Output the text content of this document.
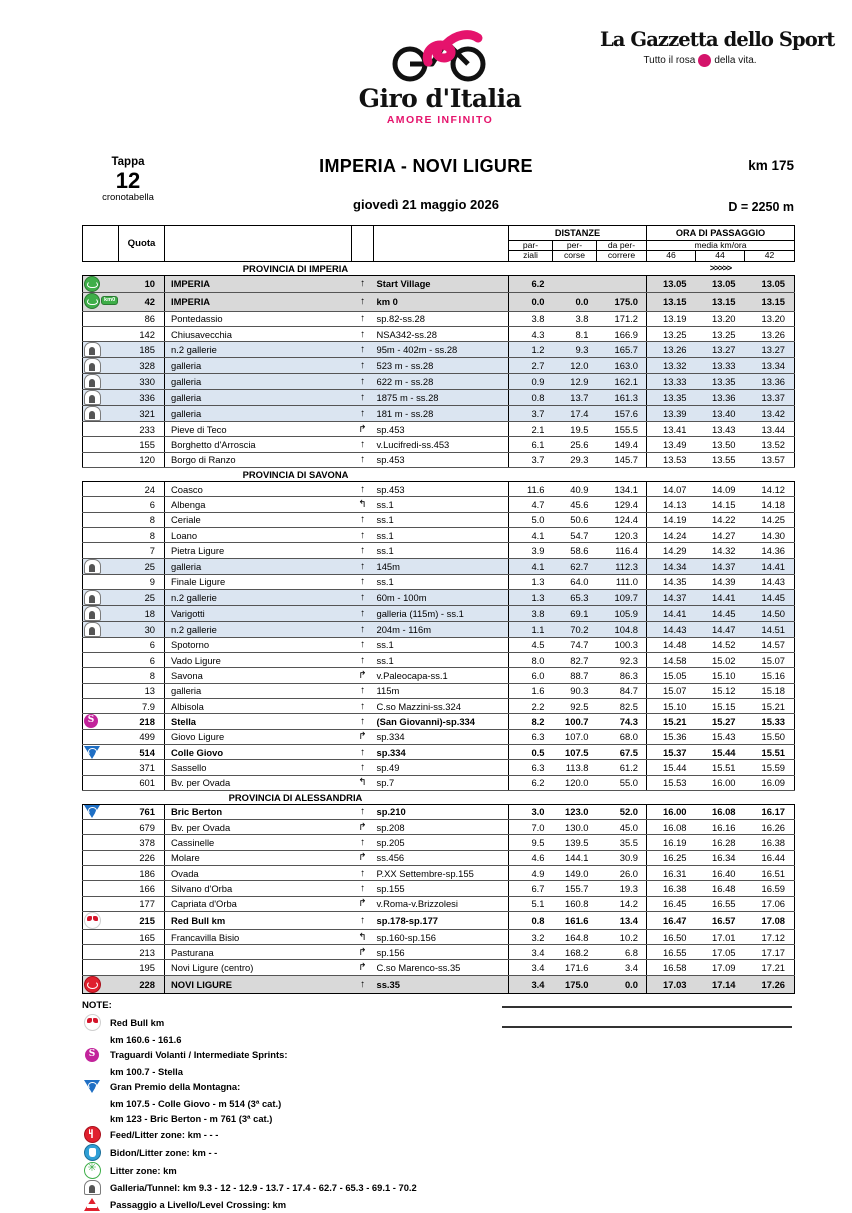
Giro d'Italia
AMORE INFINITO
La Gazzetta dello Sport
Tutto il rosa della vita.
Tappa
12
cronotabella
IMPERIA - NOVI LIGURE
giovedì 21 maggio 2026
km 175
D = 2250 m
	Quota				DISTANZE			ORA DI PASSAGGIO		
					par-	per-	da per-	media km/ora		
					ziali	corse	correre	46	44	42
PROVINCIA DI IMPERIA								>>>>>		
	10	IMPERIA	↑	Start Village	6.2			13.05	13.05	13.05

km0	42	IMPERIA	↑	km 0	0.0	0.0	175.0	13.15	13.15	13.15
	86	Pontedassio	↑	sp.82-ss.28	3.8	3.8	171.2	13.19	13.20	13.20
	142	Chiusavecchia	↑	NSA342-ss.28	4.3	8.1	166.9	13.25	13.25	13.26
	185	n.2 gallerie	↑	95m - 402m - ss.28	1.2	9.3	165.7	13.26	13.27	13.27
	328	galleria	↑	523 m - ss.28	2.7	12.0	163.0	13.32	13.33	13.34
	330	galleria	↑	622 m - ss.28	0.9	12.9	162.1	13.33	13.35	13.36
	336	galleria	↑	1875 m - ss.28	0.8	13.7	161.3	13.35	13.36	13.37
	321	galleria	↑	181 m - ss.28	3.7	17.4	157.6	13.39	13.40	13.42
	233	Pieve di Teco	↱	sp.453	2.1	19.5	155.5	13.41	13.43	13.44
	155	Borghetto d'Arroscia	↑	v.Lucifredi-ss.453	6.1	25.6	149.4	13.49	13.50	13.52
	120	Borgo di Ranzo	↑	sp.453	3.7	29.3	145.7	13.53	13.55	13.57
PROVINCIA DI SAVONA										
	24	Coasco	↑	sp.453	11.6	40.9	134.1	14.07	14.09	14.12
	6	Albenga	↰	ss.1	4.7	45.6	129.4	14.13	14.15	14.18
	8	Ceriale	↑	ss.1	5.0	50.6	124.4	14.19	14.22	14.25
	8	Loano	↑	ss.1	4.1	54.7	120.3	14.24	14.27	14.30
	7	Pietra Ligure	↑	ss.1	3.9	58.6	116.4	14.29	14.32	14.36
	25	galleria	↑	145m	4.1	62.7	112.3	14.34	14.37	14.41
	9	Finale Ligure	↑	ss.1	1.3	64.0	111.0	14.35	14.39	14.43
	25	n.2 gallerie	↑	60m - 100m	1.3	65.3	109.7	14.37	14.41	14.45
	18	Varigotti	↑	galleria (115m) - ss.1	3.8	69.1	105.9	14.41	14.45	14.50
	30	n.2 gallerie	↑	204m - 116m	1.1	70.2	104.8	14.43	14.47	14.51
	6	Spotorno	↑	ss.1	4.5	74.7	100.3	14.48	14.52	14.57
	6	Vado Ligure	↑	ss.1	8.0	82.7	92.3	14.58	15.02	15.07
	8	Savona	↱	v.Paleocapa-ss.1	6.0	88.7	86.3	15.05	15.10	15.16
	13	galleria	↑	115m	1.6	90.3	84.7	15.07	15.12	15.18
	7.9	Albisola	↑	C.so Mazzini-ss.324	2.2	92.5	82.5	15.10	15.15	15.21
S	218	Stella	↑	(San Giovanni)-sp.334	8.2	100.7	74.3	15.21	15.27	15.33
	499	Giovo Ligure	↱	sp.334	6.3	107.0	68.0	15.36	15.43	15.50
	514	Colle Giovo	↑	sp.334	0.5	107.5	67.5	15.37	15.44	15.51
	371	Sassello	↑	sp.49	6.3	113.8	61.2	15.44	15.51	15.59
	601	Bv. per Ovada	↰	sp.7	6.2	120.0	55.0	15.53	16.00	16.09
PROVINCIA DI ALESSANDRIA										
	761	Bric Berton	↑	sp.210	3.0	123.0	52.0	16.00	16.08	16.17
	679	Bv. per Ovada	↱	sp.208	7.0	130.0	45.0	16.08	16.16	16.26
	378	Cassinelle	↑	sp.205	9.5	139.5	35.5	16.19	16.28	16.38
	226	Molare	↱	ss.456	4.6	144.1	30.9	16.25	16.34	16.44
	186	Ovada	↑	P.XX Settembre-sp.155	4.9	149.0	26.0	16.31	16.40	16.51
	166	Silvano d'Orba	↑	sp.155	6.7	155.7	19.3	16.38	16.48	16.59
	177	Capriata d'Orba	↱	v.Roma-v.Brizzolesi	5.1	160.8	14.2	16.45	16.55	17.06
	215	Red Bull km	↑	sp.178-sp.177	0.8	161.6	13.4	16.47	16.57	17.08
	165	Francavilla Bisio	↰	sp.160-sp.156	3.2	164.8	10.2	16.50	17.01	17.12
	213	Pasturana	↱	sp.156	3.4	168.2	6.8	16.55	17.05	17.17
	195	Novi Ligure (centro)	↱	C.so Marenco-ss.35	3.4	171.6	3.4	16.58	17.09	17.21
	228	NOVI LIGURE	↑	ss.35	3.4	175.0	0.0	17.03	17.14	17.26
NOTE:
Red Bull km
km 160.6 - 161.6
S	Traguardi Volanti / Intermediate Sprints:
km 100.7 - Stella
Gran Premio della Montagna:
km 107.5 - Colle Giovo - m 514 (3ª cat.)
km 123 - Bric Berton - m 761 (3ª cat.)
Feed/Litter zone: km - - -
Bidon/Litter zone: km - -
✳
Litter zone: km
Galleria/Tunnel: km 9.3 - 12 - 12.9 - 13.7 - 17.4 - 62.7 - 65.3 - 69.1 - 70.2
Passaggio a Livello/Level Crossing: km
